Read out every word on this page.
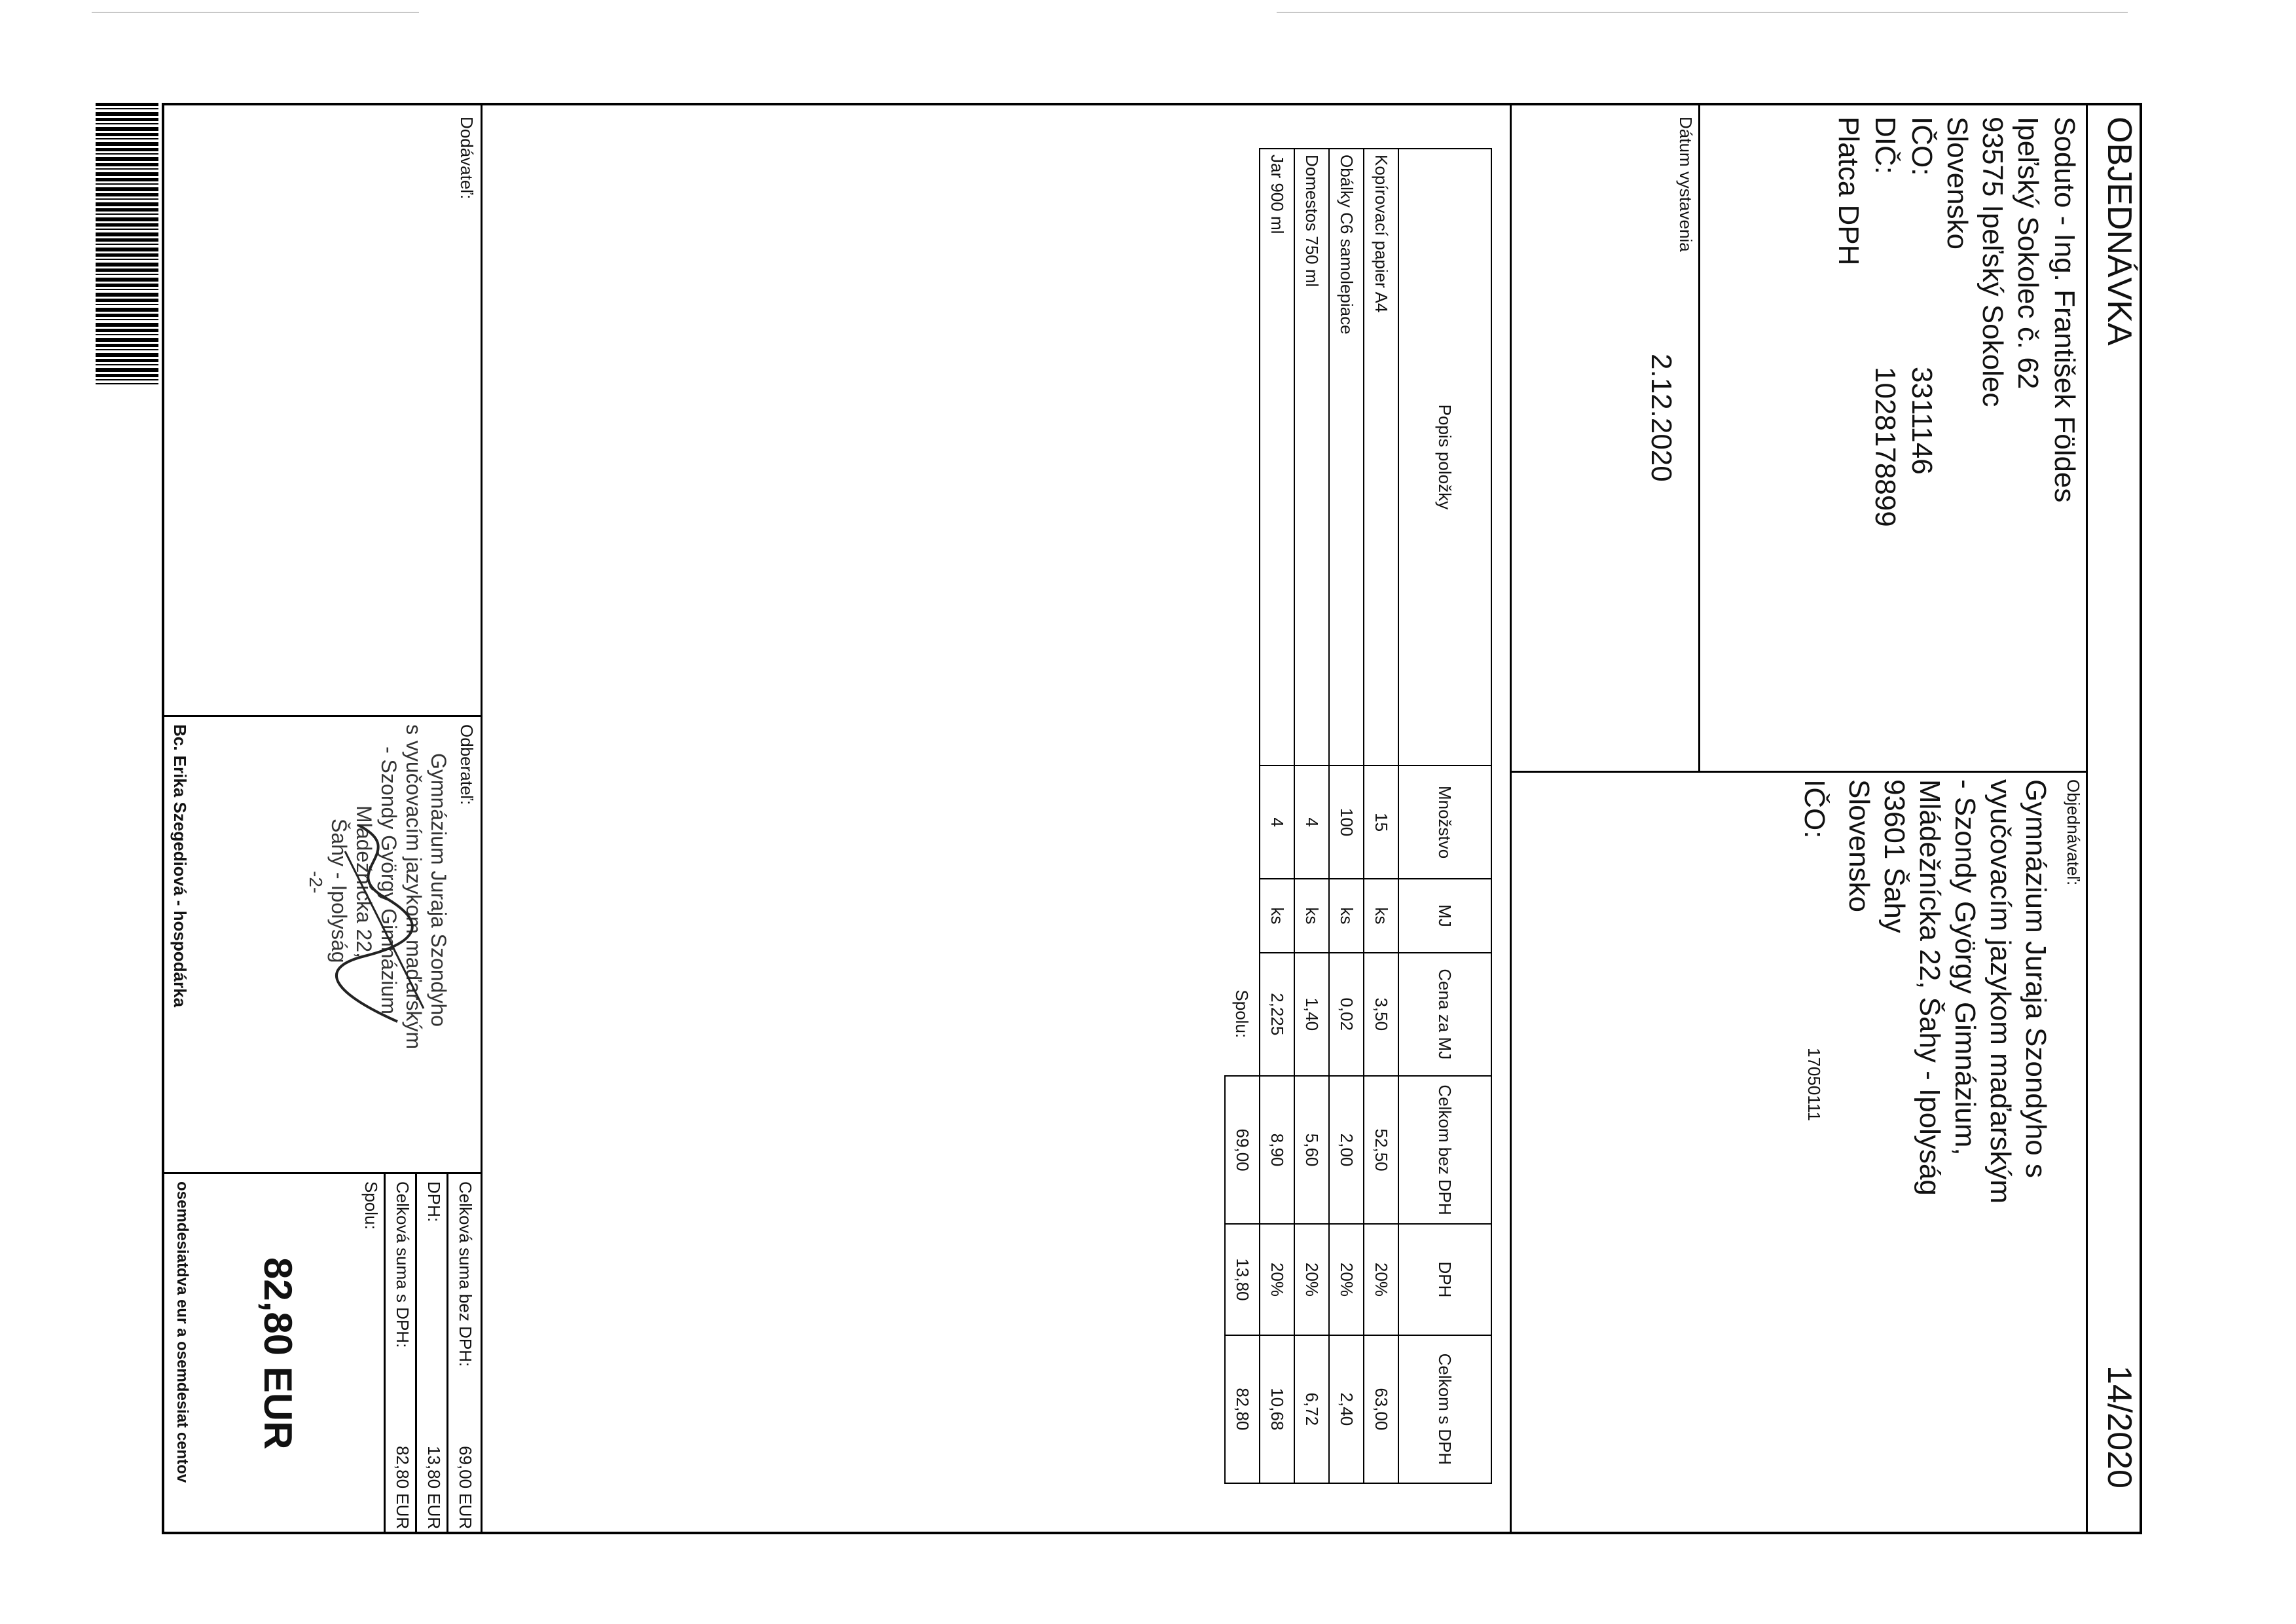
OBJEDNÁVKA
14/2020
Soduto - Ing. František Földes
Ipeľský Sokolec č. 62
93575 Ipeľský Sokolec
Slovensko
IČO:
3311146
DIČ:
1028178899
Platca DPH
Objednávateľ:
Gymnázium Juraja Szondyho s
vyučovacím jazykom maďarským
- Szondy György Gimnázium,
Mládežnícka 22, Šahy - Ipolyság
93601 Šahy
Slovensko
IČO:
17050111
Dátum vystavenia
2.12.2020
Popis položky	Množstvo	MJ	Cena za MJ	Celkom bez DPH	DPH	Celkom s DPH
Kopírovací papier A4	15	ks	3,50	52,50	20%	63,00
Obálky C6 samolepiace	100	ks	0,02	2,00	20%	2,40
Domestos 750 ml	4	ks	1,40	5,60	20%	6,72
Jar 900 ml	4	ks	2,225	8,90	20%	10,68
			Spolu:	69,00	13,80	82,80
Dodávateľ:
Odberateľ:
Gymnázium Juraja Szondyho
s vyučovacím jazykom maďarským
- Szondy György Gimnázium
Mládežnícka 22,
Šahy - Ipolyság
-2-
Bc. Erika Szegediová - hospodárka
Celková suma bez DPH:
69,00 EUR
DPH:
13,80 EUR
Celková suma s DPH:
82,80 EUR
Spolu:
82,80 EUR
osemdesiatdva eur a osemdesiat centov
